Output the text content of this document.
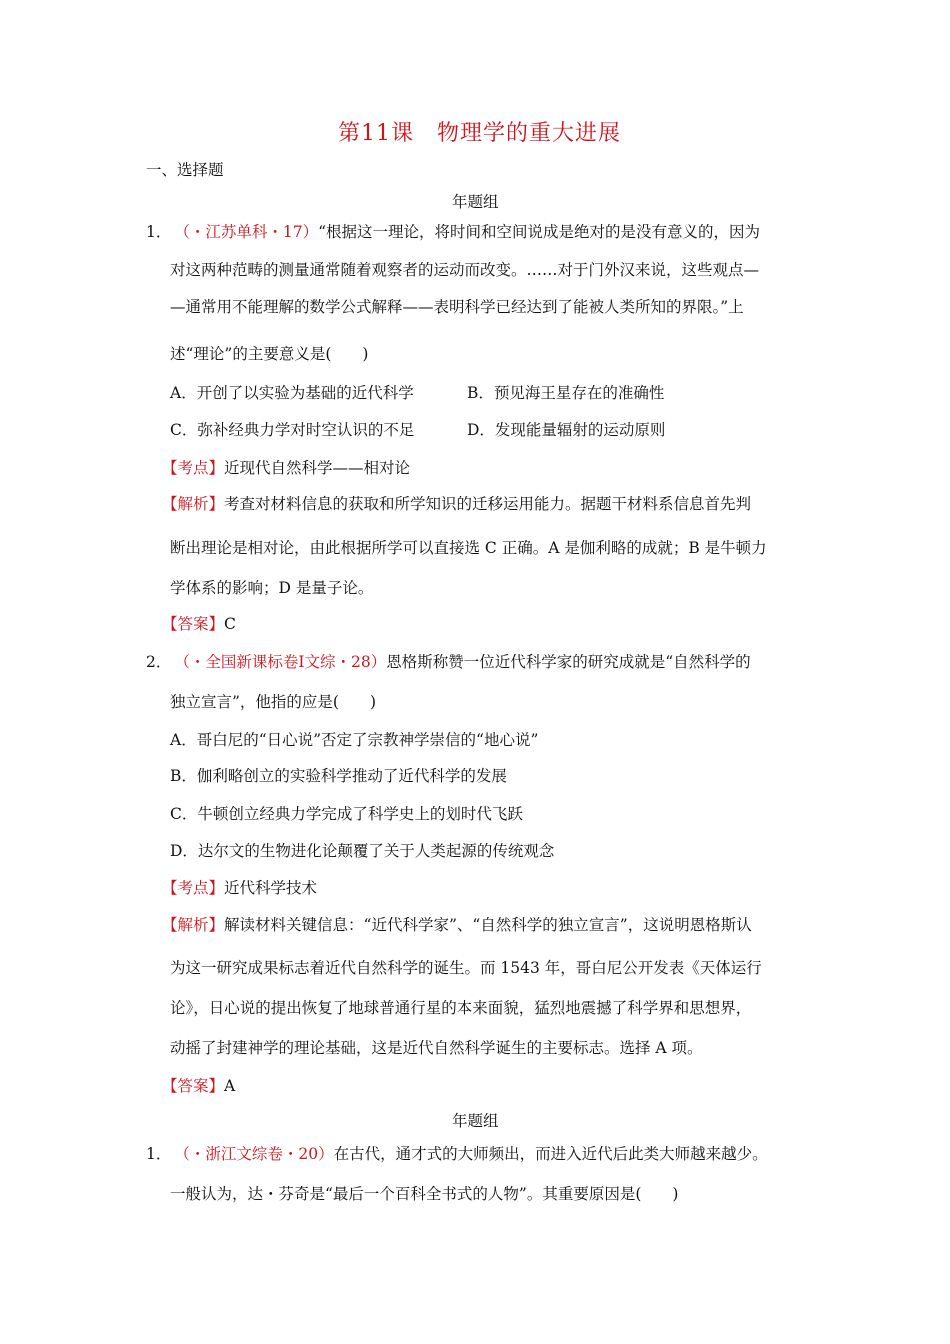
第11课　物理学的重大进展
一、选择题
年题组
1． （・江苏单科・17）“根据这一理论，将时间和空间说成是绝对的是没有意义的，因为
对这两种范畴的测量通常随着观察者的运动而改变。……对于门外汉来说，这些观点—
—通常用不能理解的数学公式解释——表明科学已经达到了能被人类所知的界限。”上
述“理论”的主要意义是(　　)
A．开创了以实验为基础的近代科学	B．预见海王星存在的准确性
C．弥补经典力学对时空认识的不足	D．发现能量辐射的运动原则
【考点】近现代自然科学——相对论
【解析】考查对材料信息的获取和所学知识的迁移运用能力。据题干材料系信息首先判
断出理论是相对论，由此根据所学可以直接选 C 正确。A 是伽利略的成就；B 是牛顿力
学体系的影响；D 是量子论。
【答案】C
2． （・全国新课标卷Ⅰ文综・28）恩格斯称赞一位近代科学家的研究成就是“自然科学的
独立宣言”，他指的应是(　　)
A．哥白尼的“日心说”否定了宗教神学崇信的“地心说”
B．伽利略创立的实验科学推动了近代科学的发展
C．牛顿创立经典力学完成了科学史上的划时代飞跃
D．达尔文的生物进化论颠覆了关于人类起源的传统观念
【考点】近代科学技术
【解析】解读材料关键信息：“近代科学家”、“自然科学的独立宣言”，这说明恩格斯认
为这一研究成果标志着近代自然科学的诞生。而 1543 年，哥白尼公开发表《天体运行
论》，日心说的提出恢复了地球普通行星的本来面貌，猛烈地震撼了科学界和思想界，
动摇了封建神学的理论基础，这是近代自然科学诞生的主要标志。选择 A 项。
【答案】A
年题组
1． （・浙江文综卷・20）在古代，通才式的大师频出，而进入近代后此类大师越来越少。
一般认为，达・芬奇是“最后一个百科全书式的人物”。其重要原因是(　　)
